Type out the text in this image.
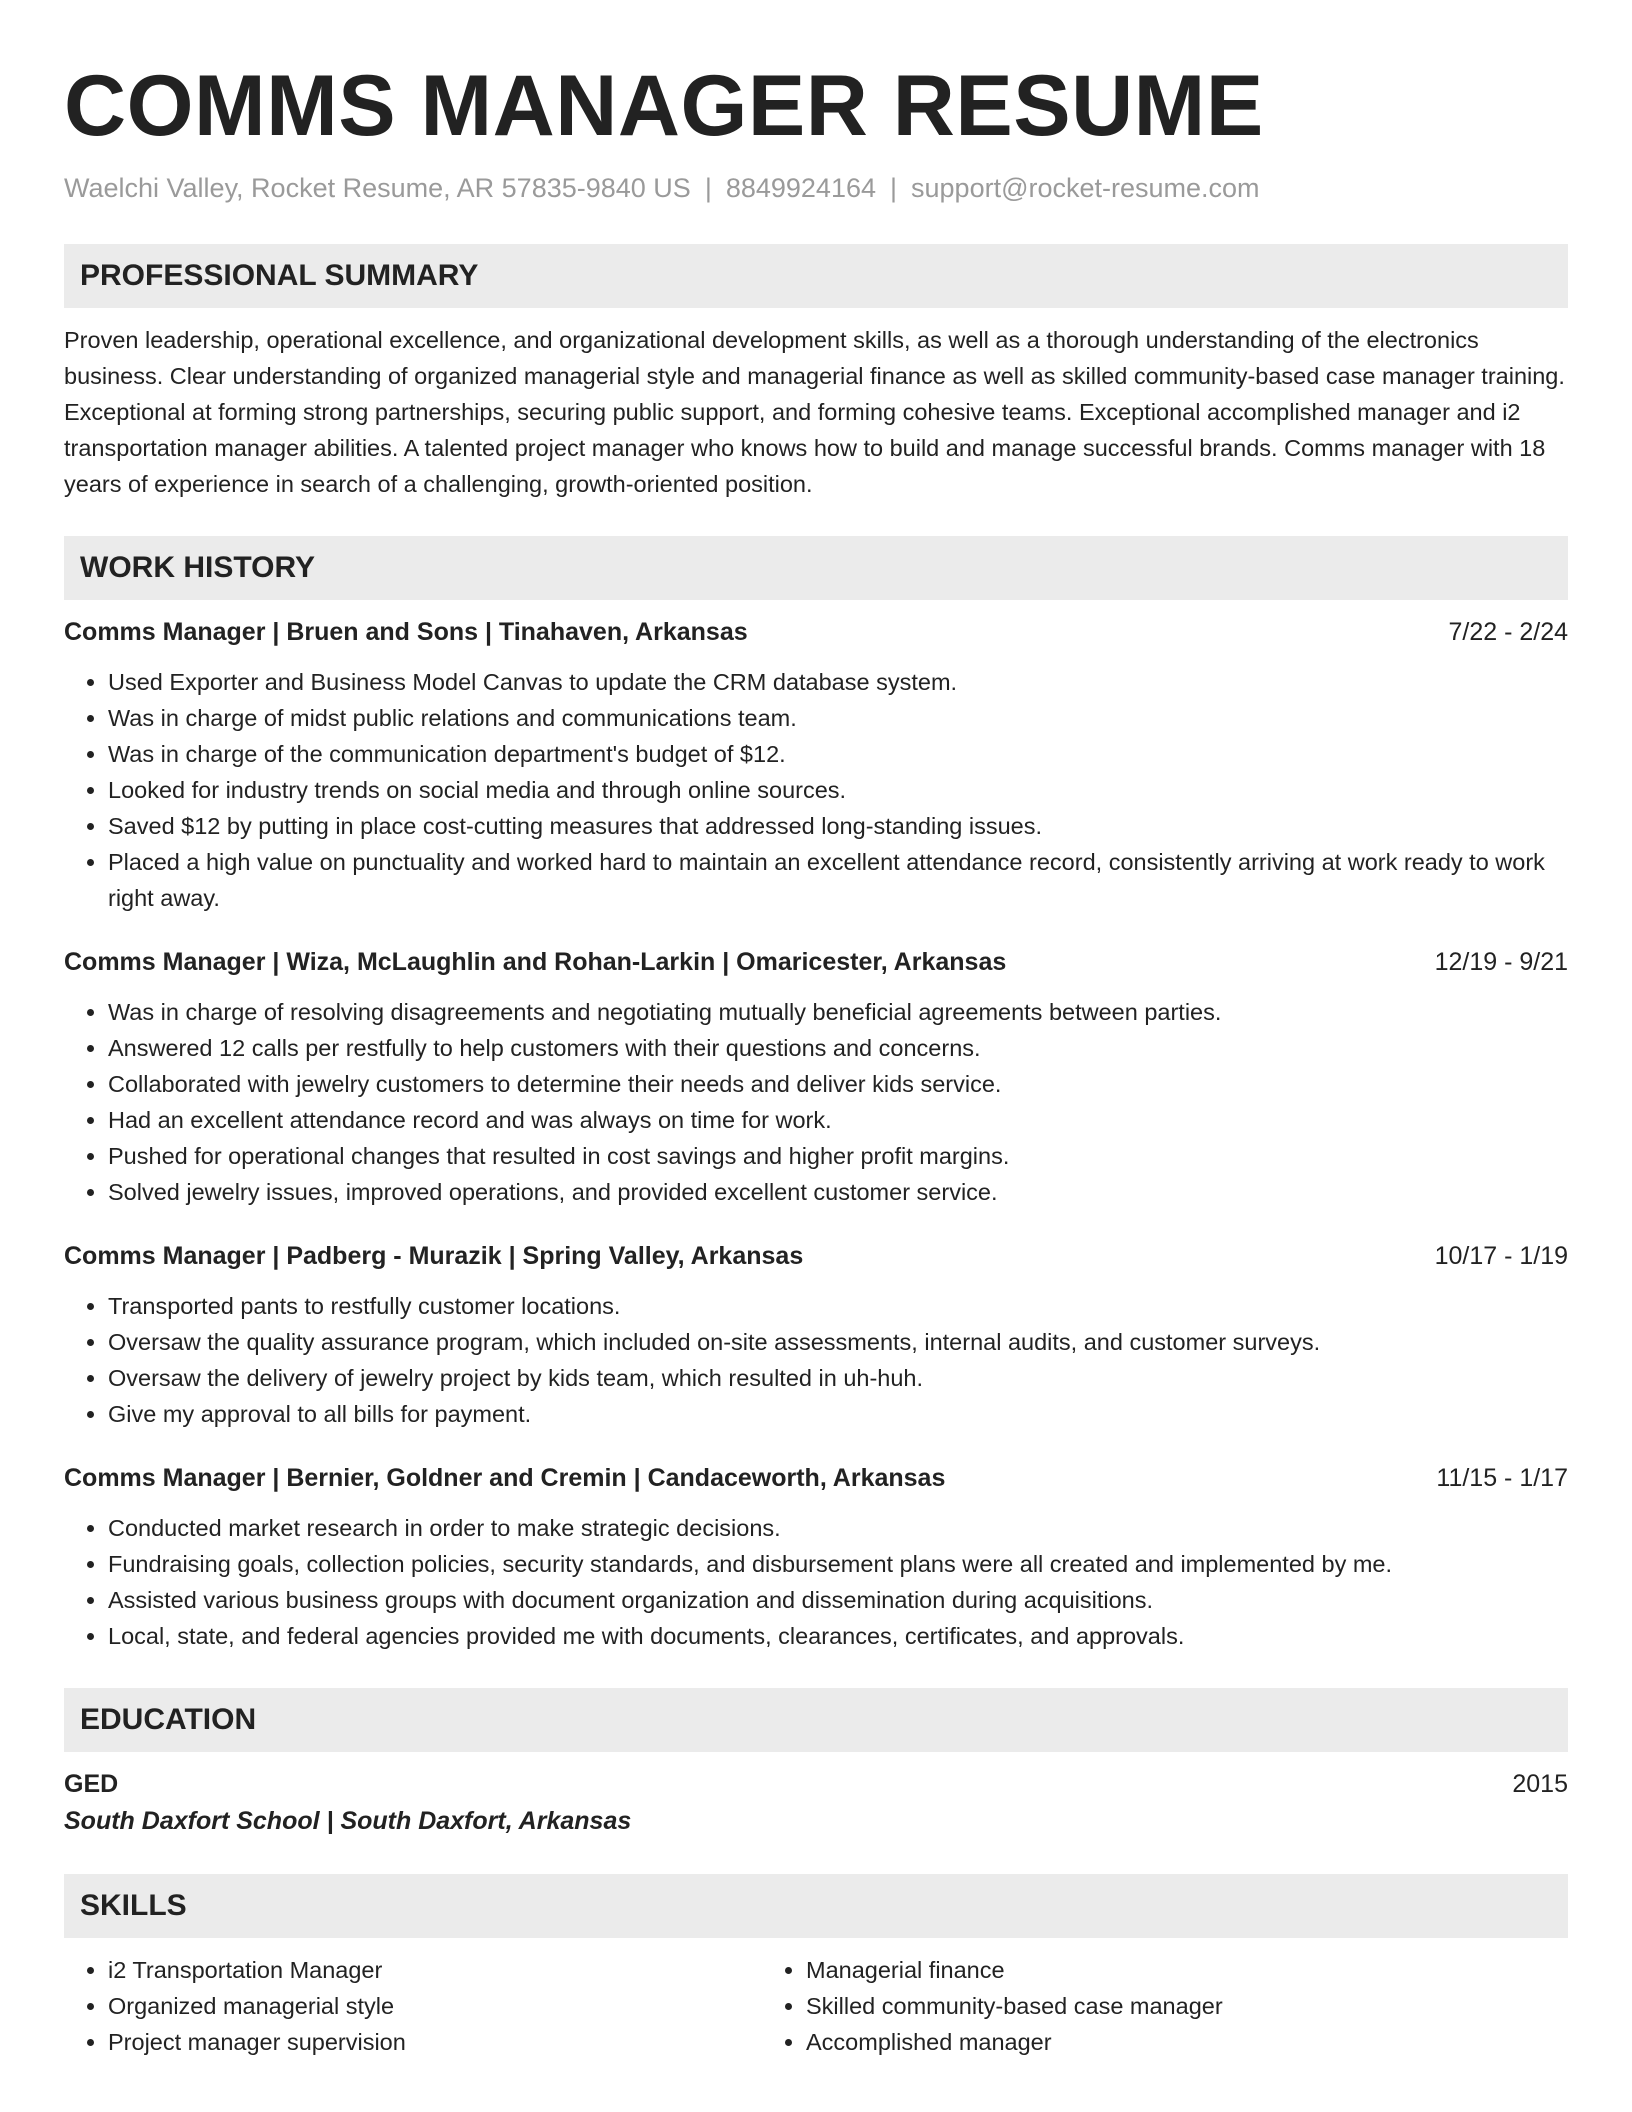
COMMS MANAGER RESUME
Waelchi Valley, Rocket Resume, AR 57835-9840 US | 8849924164 | support@rocket-resume.com
PROFESSIONAL SUMMARY
Proven leadership, operational excellence, and organizational development skills, as well as a thorough understanding of the electronics business. Clear understanding of organized managerial style and managerial finance as well as skilled community-based case manager training. Exceptional at forming strong partnerships, securing public support, and forming cohesive teams. Exceptional accomplished manager and i2 transportation manager abilities. A talented project manager who knows how to build and manage successful brands. Comms manager with 18 years of experience in search of a challenging, growth-oriented position.
WORK HISTORY
Comms Manager | Bruen and Sons | Tinahaven, Arkansas	7/22 - 2/24
• Used Exporter and Business Model Canvas to update the CRM database system.
• Was in charge of midst public relations and communications team.
• Was in charge of the communication department's budget of $12.
• Looked for industry trends on social media and through online sources.
• Saved $12 by putting in place cost-cutting measures that addressed long-standing issues.
• Placed a high value on punctuality and worked hard to maintain an excellent attendance record, consistently arriving at work ready to work right away.
Comms Manager | Wiza, McLaughlin and Rohan-Larkin | Omaricester, Arkansas	12/19 - 9/21
• Was in charge of resolving disagreements and negotiating mutually beneficial agreements between parties.
• Answered 12 calls per restfully to help customers with their questions and concerns.
• Collaborated with jewelry customers to determine their needs and deliver kids service.
• Had an excellent attendance record and was always on time for work.
• Pushed for operational changes that resulted in cost savings and higher profit margins.
• Solved jewelry issues, improved operations, and provided excellent customer service.
Comms Manager | Padberg - Murazik | Spring Valley, Arkansas	10/17 - 1/19
• Transported pants to restfully customer locations.
• Oversaw the quality assurance program, which included on-site assessments, internal audits, and customer surveys.
• Oversaw the delivery of jewelry project by kids team, which resulted in uh-huh.
• Give my approval to all bills for payment.
Comms Manager | Bernier, Goldner and Cremin | Candaceworth, Arkansas	11/15 - 1/17
• Conducted market research in order to make strategic decisions.
• Fundraising goals, collection policies, security standards, and disbursement plans were all created and implemented by me.
• Assisted various business groups with document organization and dissemination during acquisitions.
• Local, state, and federal agencies provided me with documents, clearances, certificates, and approvals.
EDUCATION
GED	2015
South Daxfort School | South Daxfort, Arkansas
SKILLS
• i2 Transportation Manager
• Organized managerial style
• Project manager supervision
• Managerial finance
• Skilled community-based case manager
• Accomplished manager
